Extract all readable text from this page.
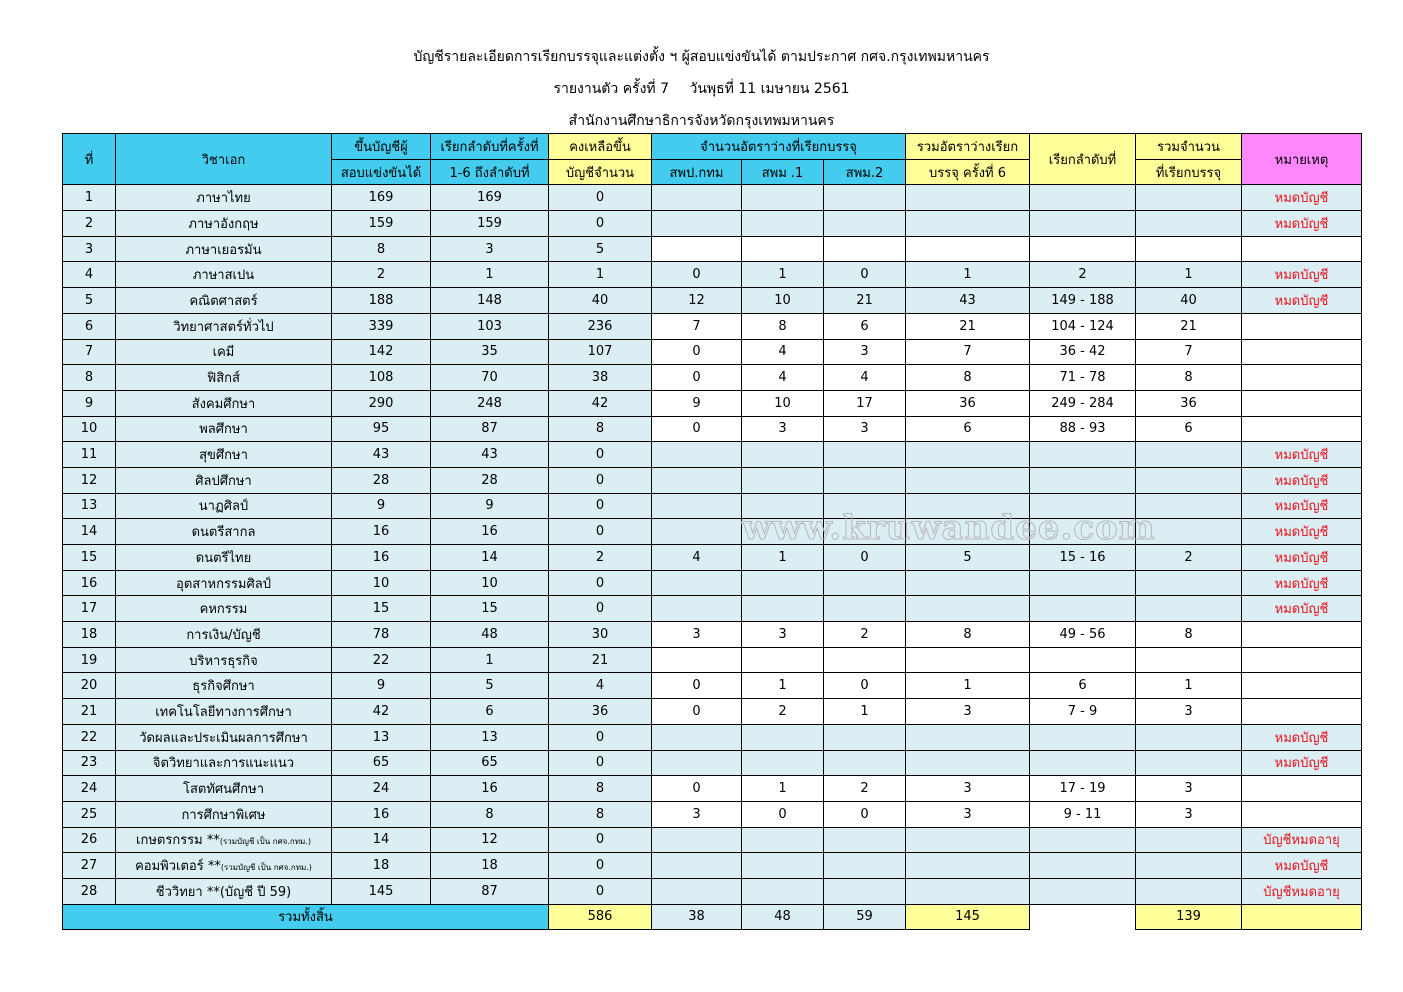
บัญชีรายละเอียดการเรียกบรรจุและแต่งตั้ง ฯ ผู้สอบแข่งขันได้ ตามประกาศ กศจ.กรุงเทพมหานคร
รายงานตัว ครั้งที่ 7 วันพุธที่ 11 เมษายน 2561
สำนักงานศึกษาธิการจังหวัดกรุงเทพมหานคร
ที่	วิชาเอก	ขึ้นบัญชีผู้	เรียกลำดับที่ครั้งที่	คงเหลือขึ้น	จำนวนอัตราว่างที่เรียกบรรจุ			รวมอัตราว่างเรียก	เรียกลำดับที่	รวมจำนวน	หมายเหตุ
		สอบแข่งขันได้	1-6 ถึงลำดับที่	บัญชีจำนวน	สพป.กทม	สพม .1	สพม.2	บรรจุ ครั้งที่ 6		ที่เรียกบรรจุ	
1	ภาษาไทย	169	169	0							หมดบัญชี
2	ภาษาอังกฤษ	159	159	0							หมดบัญชี
3	ภาษาเยอรมัน	8	3	5							
4	ภาษาสเปน	2	1	1	0	1	0	1	2	1	หมดบัญชี
5	คณิตศาสตร์	188	148	40	12	10	21	43	149 - 188	40	หมดบัญชี
6	วิทยาศาสตร์ทั่วไป	339	103	236	7	8	6	21	104 - 124	21	
7	เคมี	142	35	107	0	4	3	7	36 - 42	7	
8	ฟิสิกส์	108	70	38	0	4	4	8	71 - 78	8	
9	สังคมศึกษา	290	248	42	9	10	17	36	249 - 284	36	
10	พลศึกษา	95	87	8	0	3	3	6	88 - 93	6	
11	สุขศึกษา	43	43	0							หมดบัญชี
12	ศิลปศึกษา	28	28	0							หมดบัญชี
13	นาฏศิลป์	9	9	0							หมดบัญชี
14	ดนตรีสากล	16	16	0							หมดบัญชี
15	ดนตรีไทย	16	14	2	4	1	0	5	15 - 16	2	หมดบัญชี
16	อุตสาหกรรมศิลป์	10	10	0							หมดบัญชี
17	คหกรรม	15	15	0							หมดบัญชี
18	การเงิน/บัญชี	78	48	30	3	3	2	8	49 - 56	8	
19	บริหารธุรกิจ	22	1	21							
20	ธุรกิจศึกษา	9	5	4	0	1	0	1	6	1	
21	เทคโนโลยีทางการศึกษา	42	6	36	0	2	1	3	7 - 9	3	
22	วัดผลและประเมินผลการศึกษา	13	13	0							หมดบัญชี
23	จิตวิทยาและการแนะแนว	65	65	0							หมดบัญชี
24	โสตทัศนศึกษา	24	16	8	0	1	2	3	17 - 19	3	
25	การศึกษาพิเศษ	16	8	8	3	0	0	3	9 - 11	3	
26	เกษตรกรรม **(รวมบัญชี เป็น กศจ.กทม.)	14	12	0							บัญชีหมดอายุ
27	คอมพิวเตอร์ **(รวมบัญชี เป็น กศจ.กทม.)	18	18	0							หมดบัญชี
28	ชีววิทยา **(บัญชี ปี 59)	145	87	0							บัญชีหมดอายุ
รวมทั้งสิ้น				586	38	48	59	145		139	
